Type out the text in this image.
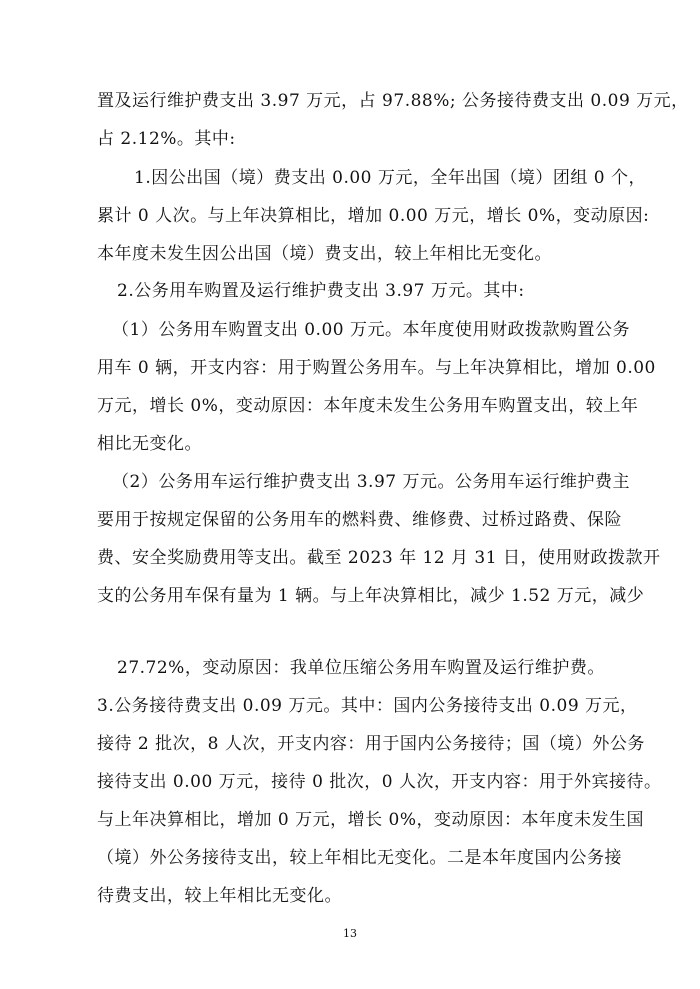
置及运行维护费支出 3.97 万元，占 97.88%; 公务接待费支出 0.09 万元，
占 2.12%。其中:
1.因公出国（境）费支出 0.00 万元，全年出国（境）团组 0 个，
累计 0 人次。与上年决算相比，增加 0.00 万元，增长 0%，变动原因:
本年度未发生因公出国（境）费支出，较上年相比无变化。
2.公务用车购置及运行维护费支出 3.97 万元。其中:
（1）公务用车购置支出 0.00 万元。本年度使用财政拨款购置公务
用车 0 辆，开支内容：用于购置公务用车。与上年决算相比，增加 0.00
万元，增长 0%，变动原因：本年度未发生公务用车购置支出，较上年
相比无变化。
（2）公务用车运行维护费支出 3.97 万元。公务用车运行维护费主
要用于按规定保留的公务用车的燃料费、维修费、过桥过路费、保险
费、安全奖励费用等支出。截至 2023 年 12 月 31 日，使用财政拨款开
支的公务用车保有量为 1 辆。与上年决算相比，减少 1.52 万元，减少
27.72%，变动原因：我单位压缩公务用车购置及运行维护费。
3.公务接待费支出 0.09 万元。其中：国内公务接待支出 0.09 万元，
接待 2 批次，8 人次，开支内容：用于国内公务接待；国（境）外公务
接待支出 0.00 万元，接待 0 批次，0 人次，开支内容：用于外宾接待。
与上年决算相比，增加 0 万元，增长 0%，变动原因：本年度未发生国
（境）外公务接待支出，较上年相比无变化。二是本年度国内公务接
待费支出，较上年相比无变化。
13
